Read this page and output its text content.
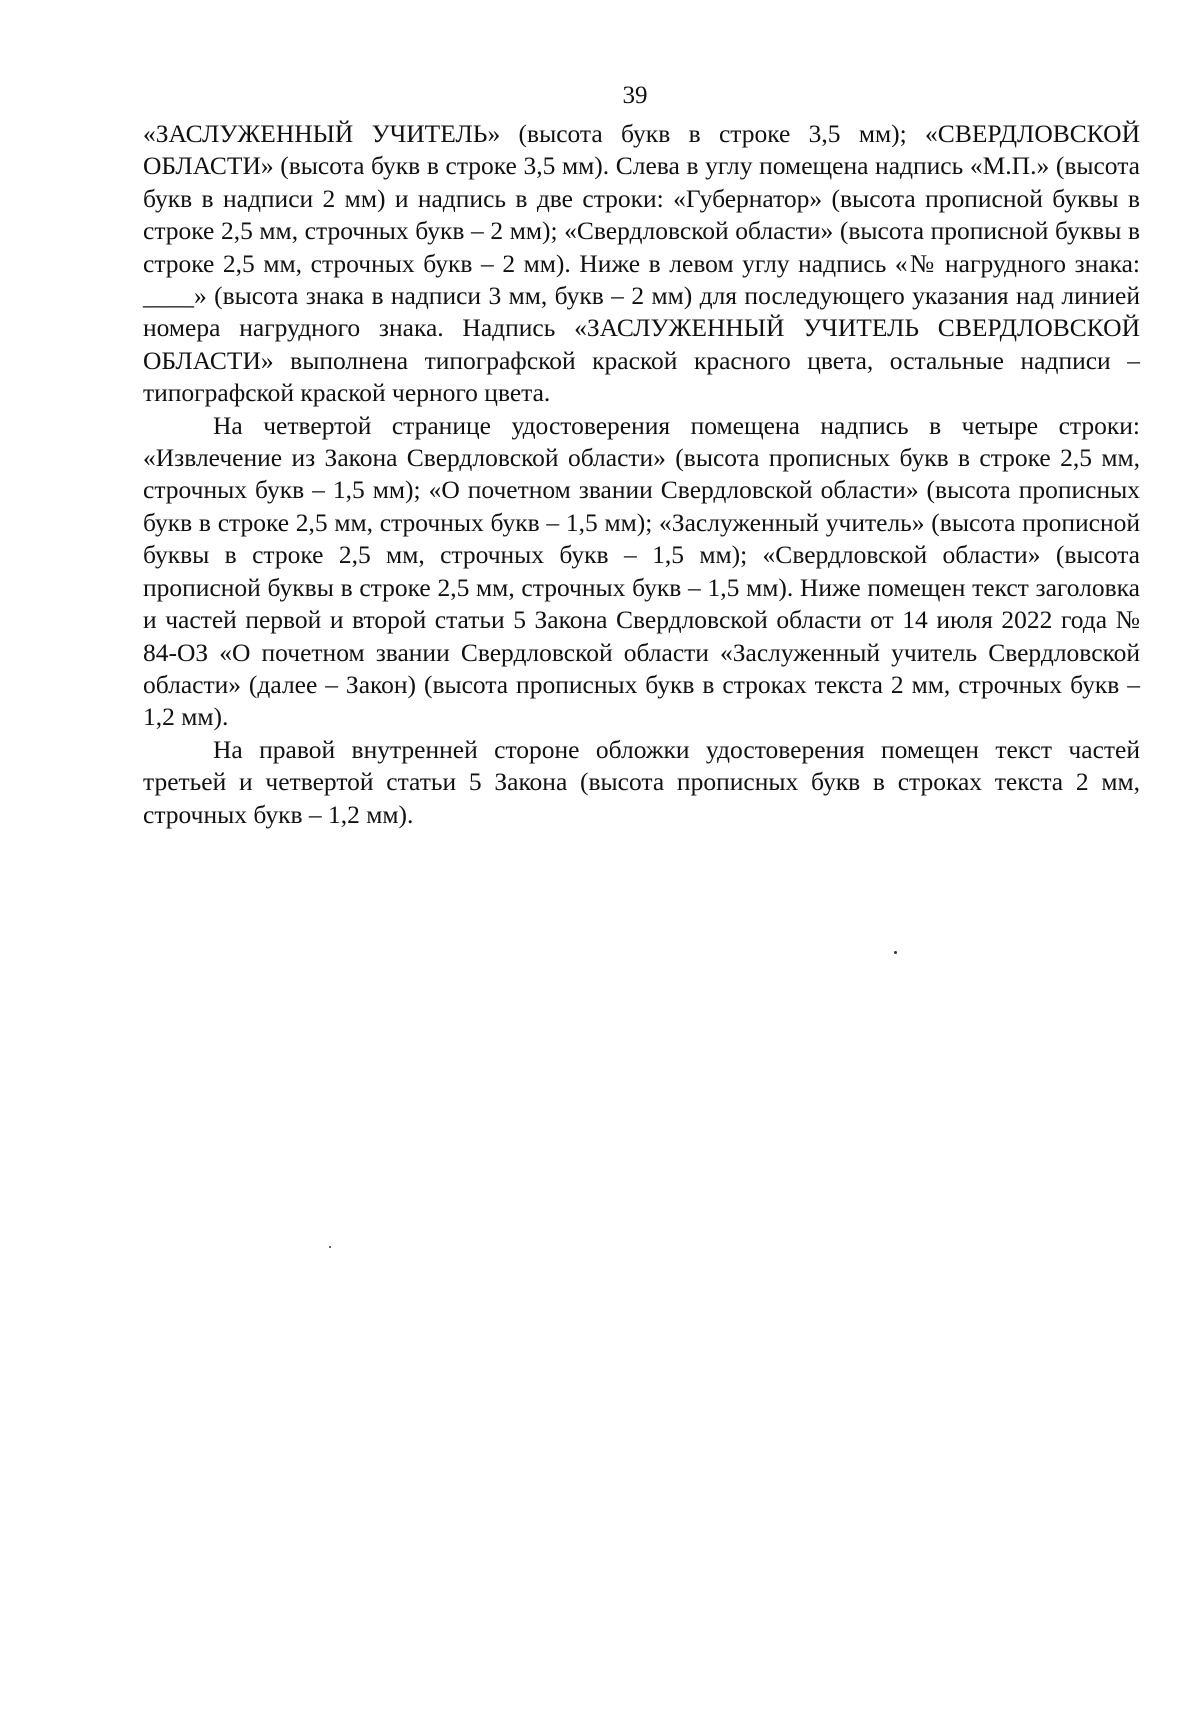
39

«ЗАСЛУЖЕННЫЙ УЧИТЕЛЬ» (высота букв в строке 3,5 мм); «СВЕРДЛОВСКОЙ ОБЛАСТИ» (высота букв в строке 3,5 мм). Слева в углу помещена надпись «М.П.» (высота букв в надписи 2 мм) и надпись в две строки: «Губернатор» (высота прописной буквы в строке 2,5 мм, строчных букв – 2 мм); «Свердловской области» (высота прописной буквы в строке 2,5 мм, строчных букв – 2 мм). Ниже в левом углу надпись «№ нагрудного знака: ____» (высота знака в надписи 3 мм, букв – 2 мм) для последующего указания над линией номера нагрудного знака. Надпись «ЗАСЛУЖЕННЫЙ УЧИТЕЛЬ СВЕРДЛОВСКОЙ ОБЛАСТИ» выполнена типографской краской красного цвета, остальные надписи – типографской краской черного цвета.

На четвертой странице удостоверения помещена надпись в четыре строки: «Извлечение из Закона Свердловской области» (высота прописных букв в строке 2,5 мм, строчных букв – 1,5 мм); «О почетном звании Свердловской области» (высота прописных букв в строке 2,5 мм, строчных букв – 1,5 мм); «Заслуженный учитель» (высота прописной буквы в строке 2,5 мм, строчных букв – 1,5 мм); «Свердловской области» (высота прописной буквы в строке 2,5 мм, строчных букв – 1,5 мм). Ниже помещен текст заголовка и частей первой и второй статьи 5 Закона Свердловской области от 14 июля 2022 года № 84-ОЗ «О почетном звании Свердловской области «Заслуженный учитель Свердловской области» (далее – Закон) (высота прописных букв в строках текста 2 мм, строчных букв – 1,2 мм).

На правой внутренней стороне обложки удостоверения помещен текст частей третьей и четвертой статьи 5 Закона (высота прописных букв в строках текста 2 мм, строчных букв – 1,2 мм).
